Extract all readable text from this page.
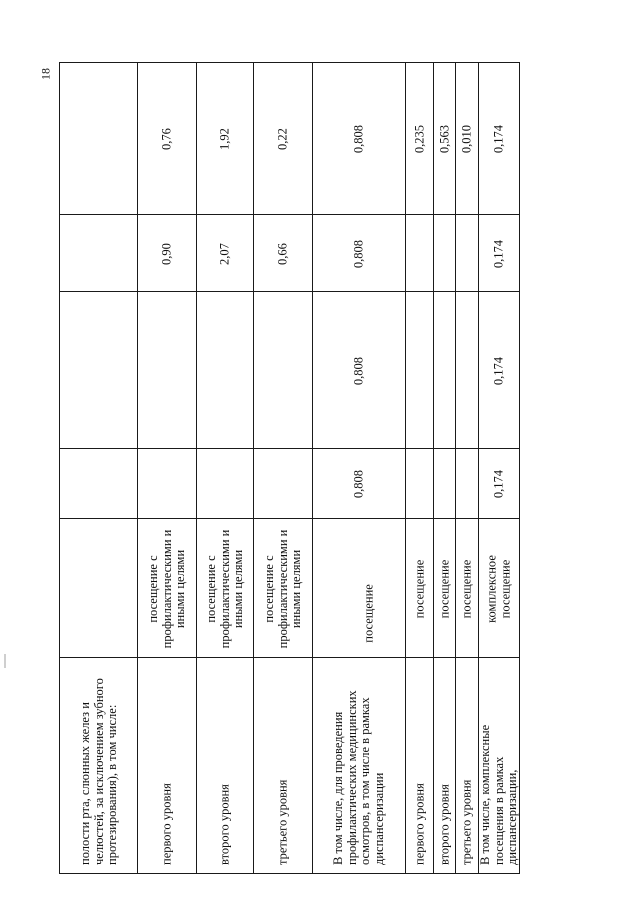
18
полости рта, слюнных желез и челюстей, за исключением зубного протезирования), в том числе:	первого уровня
посещение с профилактическими и иными целями
0,90
0,76
второго уровня
посещение с профилактическими и иными целями
2,07
1,92
третьего уровня
посещение с профилактическими и иными целями
0,66
0,22
В том числе, для проведения профилактических медицинских осмотров, в том числе в рамках диспансеризации
посещение
0,808
0,808
0,808
0,808
первого уровня
посещение
0,235
второго уровня
посещение
0,563
третьего уровня
посещение
0,010
В том числе, комплексные посещения в рамках диспансеризации,
комплексное посещение
0,174
0,174
0,174
0,174
